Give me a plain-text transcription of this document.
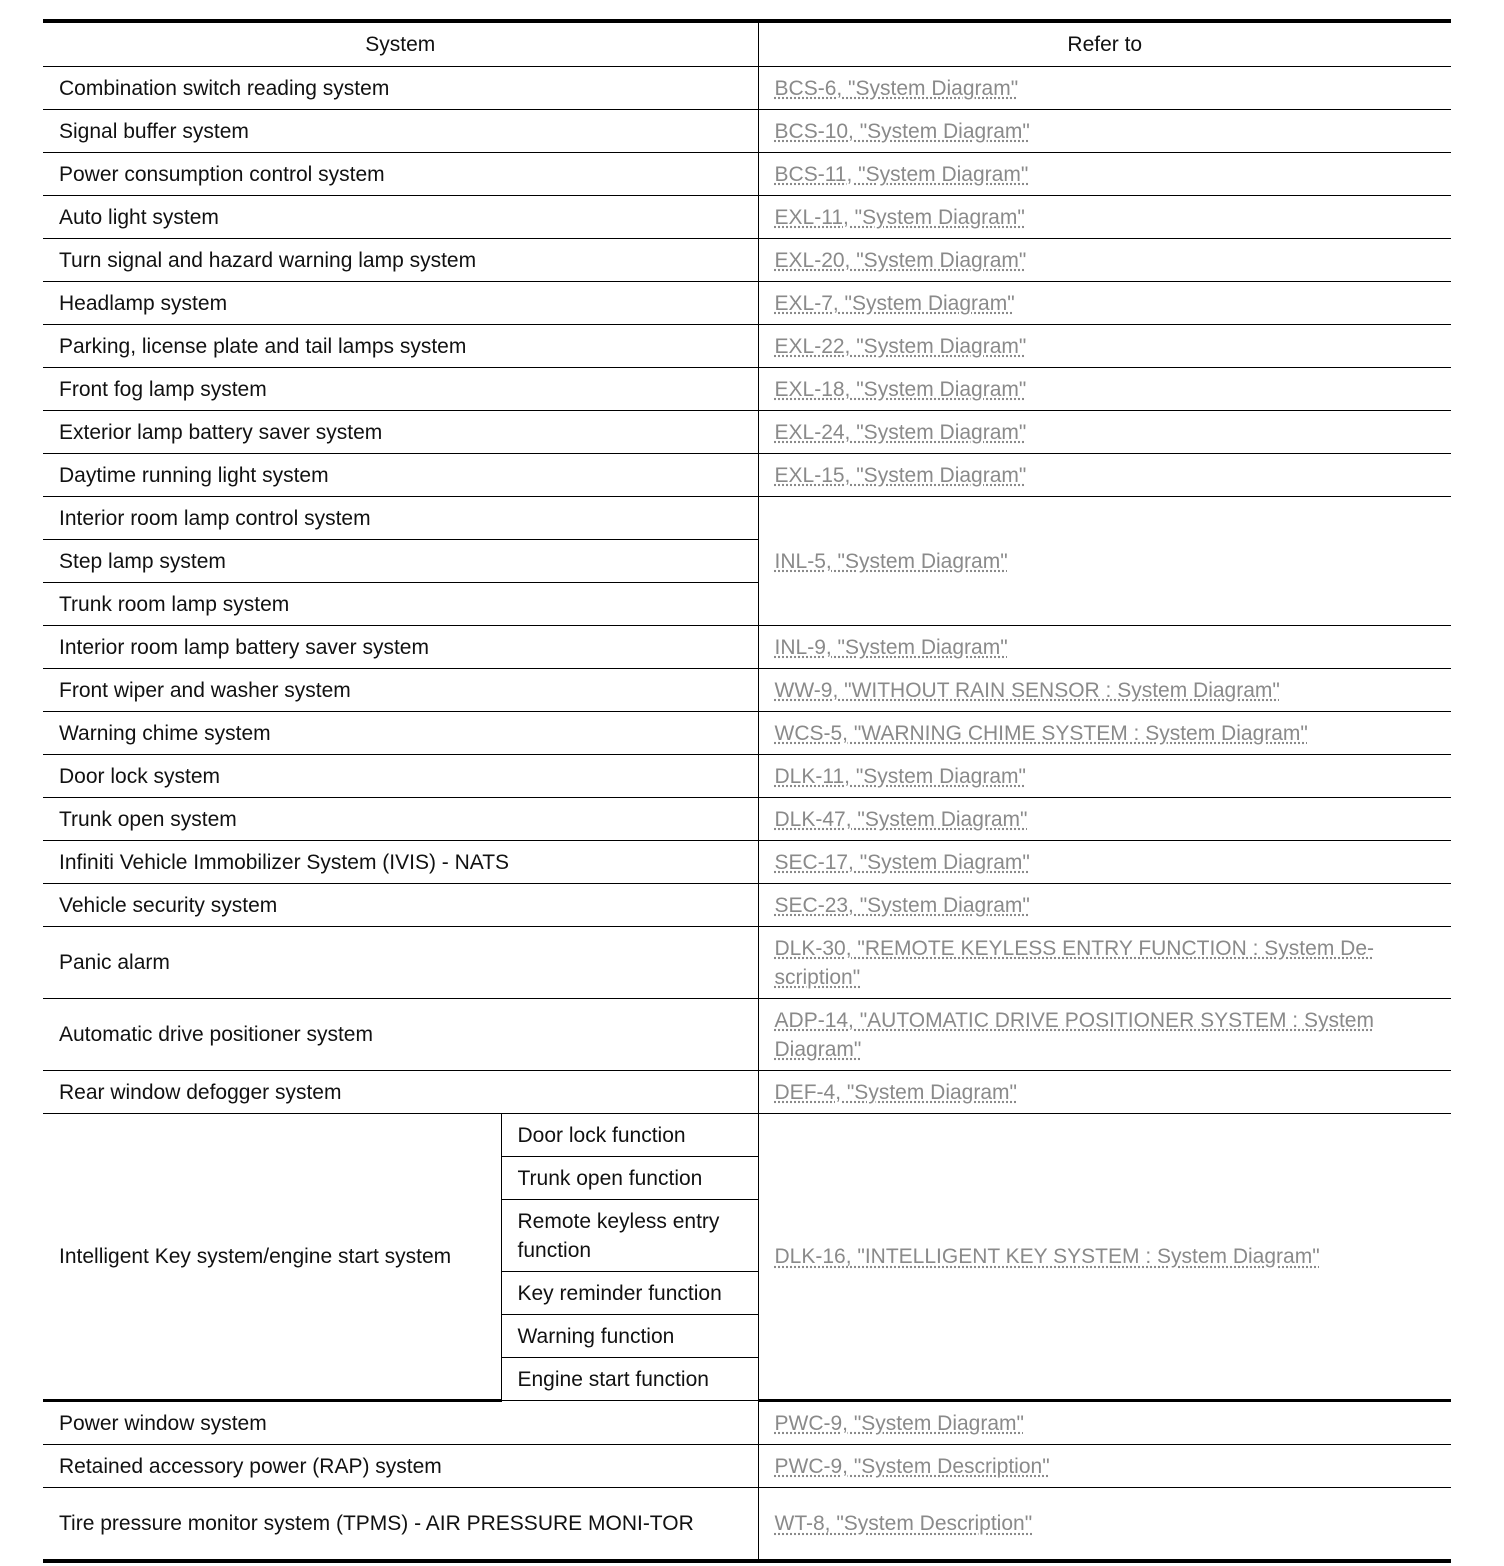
System		Refer to
Combination switch reading system		BCS-6, "System Diagram"
Signal buffer system		BCS-10, "System Diagram"
Power consumption control system		BCS-11, "System Diagram"
Auto light system		EXL-11, "System Diagram"
Turn signal and hazard warning lamp system		EXL-20, "System Diagram"
Headlamp system		EXL-7, "System Diagram"
Parking, license plate and tail lamps system		EXL-22, "System Diagram"
Front fog lamp system		EXL-18, "System Diagram"
Exterior lamp battery saver system		EXL-24, "System Diagram"
Daytime running light system		EXL-15, "System Diagram"
Interior room lamp control system		INL-5, "System Diagram"
Step lamp system		
Trunk room lamp system		
Interior room lamp battery saver system		INL-9, "System Diagram"
Front wiper and washer system		WW-9, "WITHOUT RAIN SENSOR : System Diagram"
Warning chime system		WCS-5, "WARNING CHIME SYSTEM : System Diagram"
Door lock system		DLK-11, "System Diagram"
Trunk open system		DLK-47, "System Diagram"
Infiniti Vehicle Immobilizer System (IVIS) - NATS		SEC-17, "System Diagram"
Vehicle security system		SEC-23, "System Diagram"
Panic alarm		DLK-30, "REMOTE KEYLESS ENTRY FUNCTION : System De-scription"
Automatic drive positioner system		ADP-14, "AUTOMATIC DRIVE POSITIONER SYSTEM : System Diagram"
Rear window defogger system		DEF-4, "System Diagram"
Intelligent Key system/engine start system	Door lock function	DLK-16, "INTELLIGENT KEY SYSTEM : System Diagram"
	Trunk open function	
	Remote keyless entry function	
	Key reminder function	
	Warning function	
	Engine start function	
Power window system		PWC-9, "System Diagram"
Retained accessory power (RAP) system		PWC-9, "System Description"
Tire pressure monitor system (TPMS) - AIR PRESSURE MONI-TOR		WT-8, "System Description"
